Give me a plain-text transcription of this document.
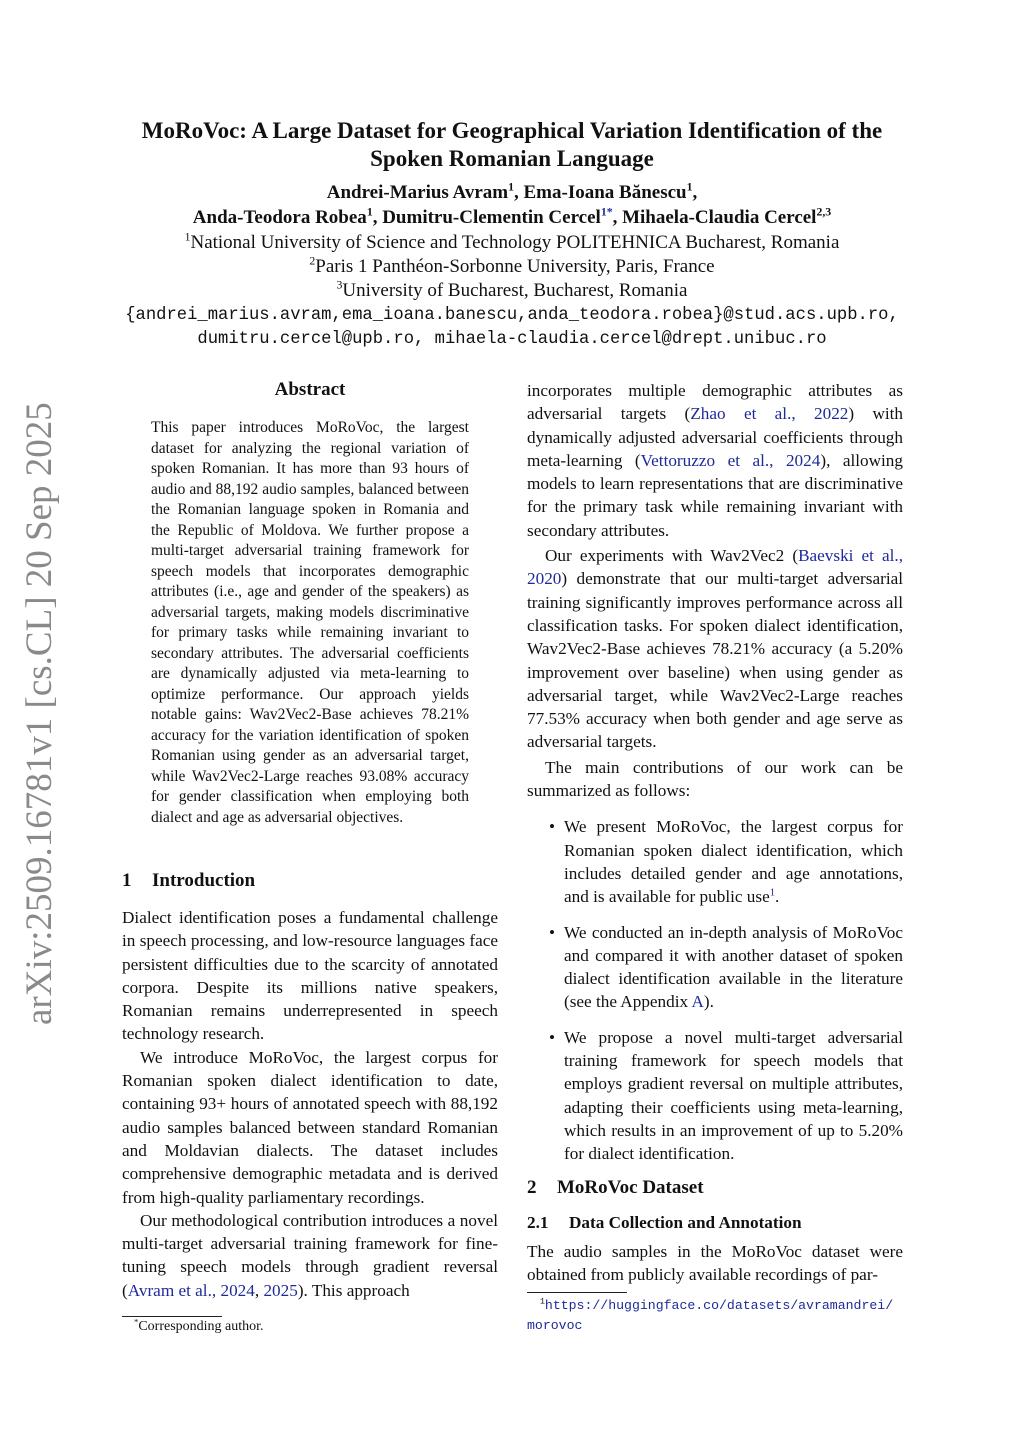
arXiv:2509.16781v1 [cs.CL] 20 Sep 2025
MoRoVoc: A Large Dataset for Geographical Variation Identification of the
Spoken Romanian Language
Andrei-Marius Avram$^1$, Ema-Ioana Bănescu$^1$,
Anda-Teodora Robea$^1$, Dumitru-Clementin Cercel$^{1*}$, Mihaela-Claudia Cercel$^{2,3}$
$^1$National University of Science and Technology POLITEHNICA Bucharest, Romania
$^2$Paris 1 Panthéon-Sorbonne University, Paris, France
$^3$University of Bucharest, Bucharest, Romania
{andrei_marius.avram,ema_ioana.banescu,anda_teodora.robea}@stud.acs.upb.ro,
dumitru.cercel@upb.ro, mihaela-claudia.cercel@drept.unibuc.ro
Abstract

This paper introduces MoRoVoc, the largest dataset for analyzing the regional variation of spoken Romanian. It has more than 93 hours of audio and 88,192 audio samples, balanced between the Romanian language spoken in Romania and the Republic of Moldova. We further propose a multi-target adversarial training framework for speech models that incorporates demographic attributes (i.e., age and gender of the speakers) as adversarial targets, making models discriminative for primary tasks while remaining invariant to secondary attributes. The adversarial coefficients are dynamically adjusted via meta-learning to optimize performance. Our approach yields notable gains: Wav2Vec2-Base achieves 78.21% accuracy for the variation identification of spoken Romanian using gender as an adversarial target, while Wav2Vec2-Large reaches 93.08% accuracy for gender classification when employing both dialect and age as adversarial objectives.

1 Introduction

Dialect identification poses a fundamental challenge in speech processing, and low-resource languages face persistent difficulties due to the scarcity of annotated corpora. Despite its millions native speakers, Romanian remains underrepresented in speech technology research.

We introduce MoRoVoc, the largest corpus for Romanian spoken dialect identification to date, containing 93+ hours of annotated speech with 88,192 audio samples balanced between standard Romanian and Moldavian dialects. The dataset includes comprehensive demographic metadata and is derived from high-quality parliamentary recordings.

Our methodological contribution introduces a novel multi-target adversarial training framework for fine-tuning speech models through gradient reversal (Avram et al., 2024, 2025). This approach

*Corresponding author.

incorporates multiple demographic attributes as adversarial targets (Zhao et al., 2022) with dynamically adjusted adversarial coefficients through meta-learning (Vettoruzzo et al., 2024), allowing models to learn representations that are discriminative for the primary task while remaining invariant with secondary attributes.

Our experiments with Wav2Vec2 (Baevski et al., 2020) demonstrate that our multi-target adversarial training significantly improves performance across all classification tasks. For spoken dialect identification, Wav2Vec2-Base achieves 78.21% accuracy (a 5.20% improvement over baseline) when using gender as adversarial target, while Wav2Vec2-Large reaches 77.53% accuracy when both gender and age serve as adversarial targets.

The main contributions of our work can be summarized as follows:

• We present MoRoVoc, the largest corpus for Romanian spoken dialect identification, which includes detailed gender and age annotations, and is available for public use$^1$.
• We conducted an in-depth analysis of MoRoVoc and compared it with another dataset of spoken dialect identification available in the literature (see the Appendix A).
• We propose a novel multi-target adversarial training framework for speech models that employs gradient reversal on multiple attributes, adapting their coefficients using meta-learning, which results in an improvement of up to 5.20% for dialect identification.
2 MoRoVoc Dataset
2.1 Data Collection and Annotation
The audio samples in the MoRoVoc dataset were obtained from publicly available recordings of par-
$^1$https://huggingface.co/datasets/avramandrei/
morovoc
